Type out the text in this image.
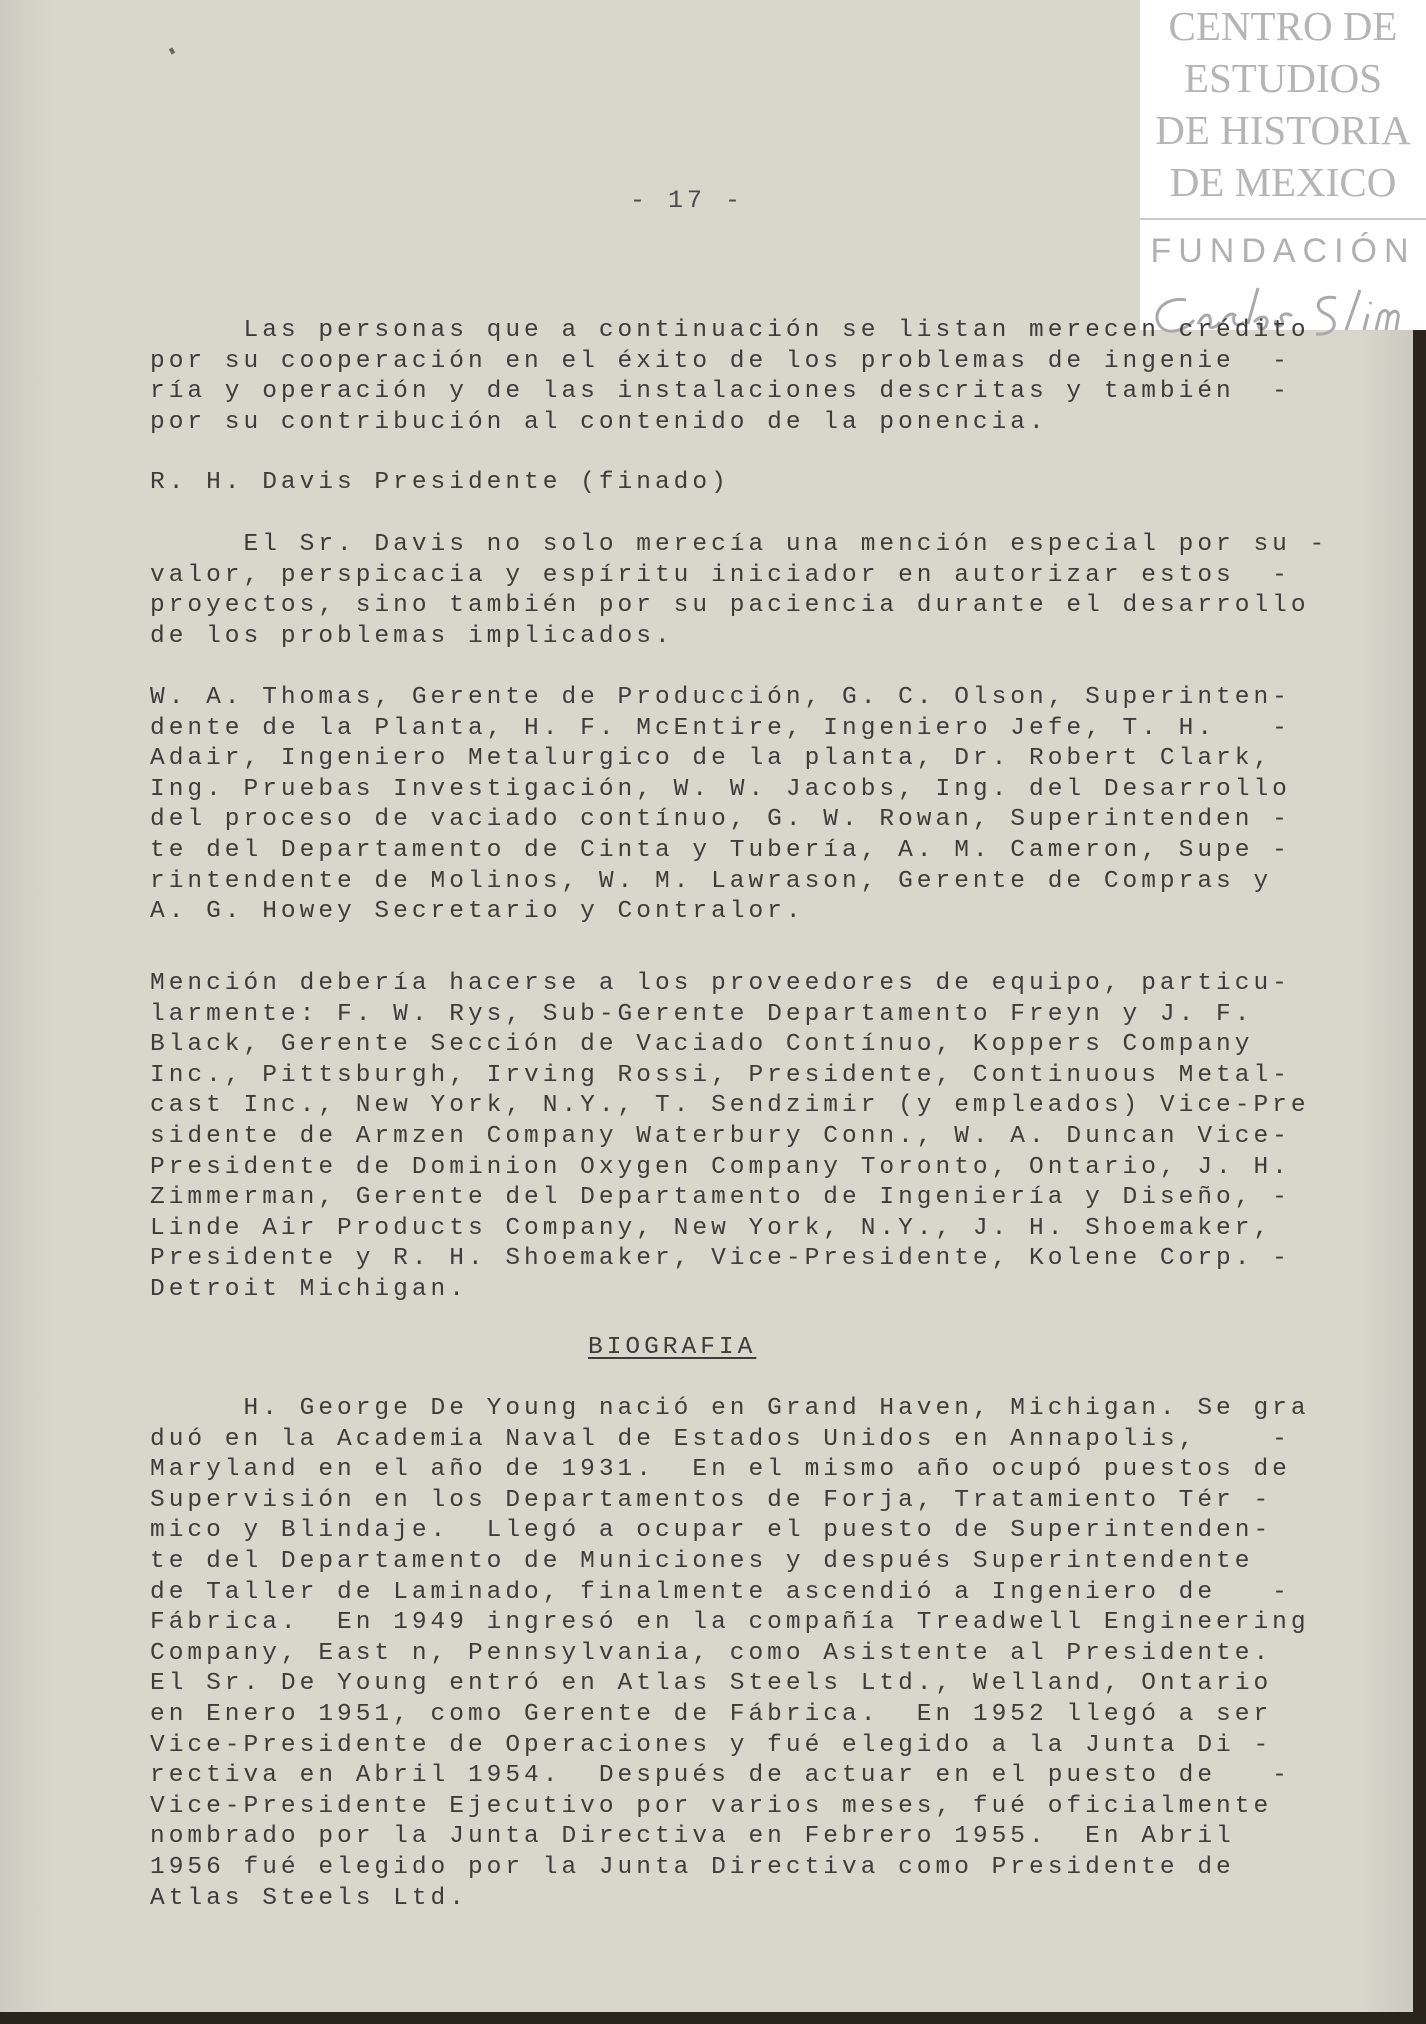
CENTRO DE
ESTUDIOS
DE HISTORIA
DE MEXICO
FUNDACIÓN
- 17 -
Las personas que a continuación se listan merecen crédito
por su cooperación en el éxito de los problemas de ingenie  -
ría y operación y de las instalaciones descritas y también  -
por su contribución al contenido de la ponencia.
R. H. Davis Presidente (finado)
El Sr. Davis no solo merecía una mención especial por su -
valor, perspicacia y espíritu iniciador en autorizar estos  -
proyectos, sino también por su paciencia durante el desarrollo
de los problemas implicados.
W. A. Thomas, Gerente de Producción, G. C. Olson, Superinten-
dente de la Planta, H. F. McEntire, Ingeniero Jefe, T. H.   -
Adair, Ingeniero Metalurgico de la planta, Dr. Robert Clark,
Ing. Pruebas Investigación, W. W. Jacobs, Ing. del Desarrollo
del proceso de vaciado contínuo, G. W. Rowan, Superintenden -
te del Departamento de Cinta y Tubería, A. M. Cameron, Supe -
rintendente de Molinos, W. M. Lawrason, Gerente de Compras y
A. G. Howey Secretario y Contralor.
Mención debería hacerse a los proveedores de equipo, particu-
larmente: F. W. Rys, Sub-Gerente Departamento Freyn y J. F.
Black, Gerente Sección de Vaciado Contínuo, Koppers Company
Inc., Pittsburgh, Irving Rossi, Presidente, Continuous Metal-
cast Inc., New York, N.Y., T. Sendzimir (y empleados) Vice-Pre
sidente de Armzen Company Waterbury Conn., W. A. Duncan Vice-
Presidente de Dominion Oxygen Company Toronto, Ontario, J. H.
Zimmerman, Gerente del Departamento de Ingeniería y Diseño, -
Linde Air Products Company, New York, N.Y., J. H. Shoemaker,
Presidente y R. H. Shoemaker, Vice-Presidente, Kolene Corp. -
Detroit Michigan.
H. George De Young nació en Grand Haven, Michigan. Se gra
duó en la Academia Naval de Estados Unidos en Annapolis,    -
Maryland en el año de 1931.  En el mismo año ocupó puestos de
Supervisión en los Departamentos de Forja, Tratamiento Tér -
mico y Blindaje.  Llegó a ocupar el puesto de Superintenden-
te del Departamento de Municiones y después Superintendente
de Taller de Laminado, finalmente ascendió a Ingeniero de   -
Fábrica.  En 1949 ingresó en la compañía Treadwell Engineering
Company, East n, Pennsylvania, como Asistente al Presidente.
El Sr. De Young entró en Atlas Steels Ltd., Welland, Ontario
en Enero 1951, como Gerente de Fábrica.  En 1952 llegó a ser
Vice-Presidente de Operaciones y fué elegido a la Junta Di -
rectiva en Abril 1954.  Después de actuar en el puesto de   -
Vice-Presidente Ejecutivo por varios meses, fué oficialmente
nombrado por la Junta Directiva en Febrero 1955.  En Abril
1956 fué elegido por la Junta Directiva como Presidente de
Atlas Steels Ltd.
BIOGRAFIA
